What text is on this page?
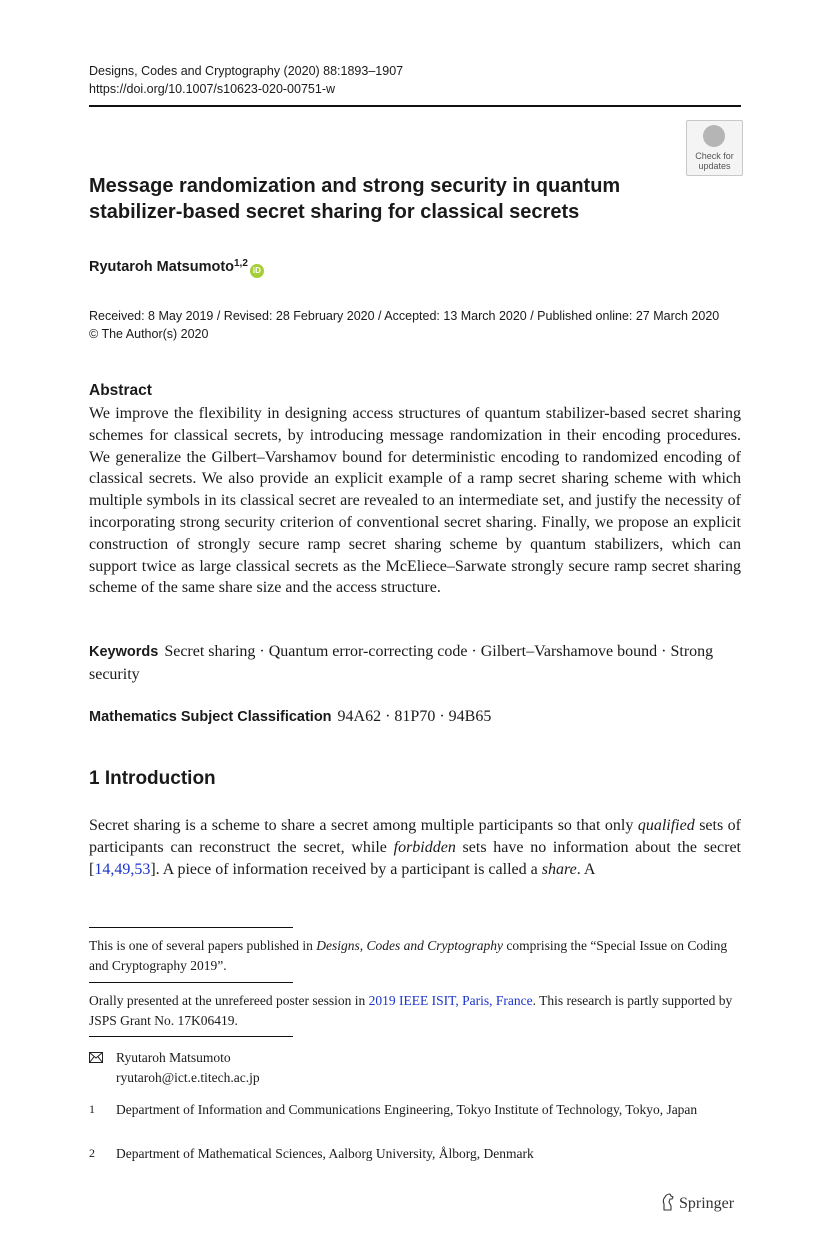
Designs, Codes and Cryptography (2020) 88:1893–1907
https://doi.org/10.1007/s10623-020-00751-w
Check for
updates
Message randomization and strong security in quantum stabilizer-based secret sharing for classical secrets
Ryutaroh Matsumoto$^{1,2}$iD
Received: 8 May 2019 / Revised: 28 February 2020 / Accepted: 13 March 2020 / Published online: 27 March 2020
© The Author(s) 2020
Abstract
We improve the flexibility in designing access structures of quantum stabilizer-based secret sharing schemes for classical secrets, by introducing message randomization in their encoding procedures. We generalize the Gilbert–Varshamov bound for deterministic encoding to randomized encoding of classical secrets. We also provide an explicit example of a ramp secret sharing scheme with which multiple symbols in its classical secret are revealed to an intermediate set, and justify the necessity of incorporating strong security criterion of conventional secret sharing. Finally, we propose an explicit construction of strongly secure ramp secret sharing scheme by quantum stabilizers, which can support twice as large classical secrets as the McEliece–Sarwate strongly secure ramp secret sharing scheme of the same share size and the access structure.
Keywords Secret sharing · Quantum error-correcting code · Gilbert–Varshamove bound · Strong security
Mathematics Subject Classification 94A62 · 81P70 · 94B65
1 Introduction
Secret sharing is a scheme to share a secret among multiple participants so that only qualified sets of participants can reconstruct the secret, while forbidden sets have no information about the secret [14,49,53]. A piece of information received by a participant is called a share. A
This is one of several papers published in Designs, Codes and Cryptography comprising the “Special Issue on Coding and Cryptography 2019”.
Orally presented at the unrefereed poster session in 2019 IEEE ISIT, Paris, France. This research is partly supported by JSPS Grant No. 17K06419.
Ryutaroh Matsumoto
ryutaroh@ict.e.titech.ac.jp
1	Department of Information and Communications Engineering, Tokyo Institute of Technology, Tokyo, Japan
2	Department of Mathematical Sciences, Aalborg University, Ålborg, Denmark
Springer
